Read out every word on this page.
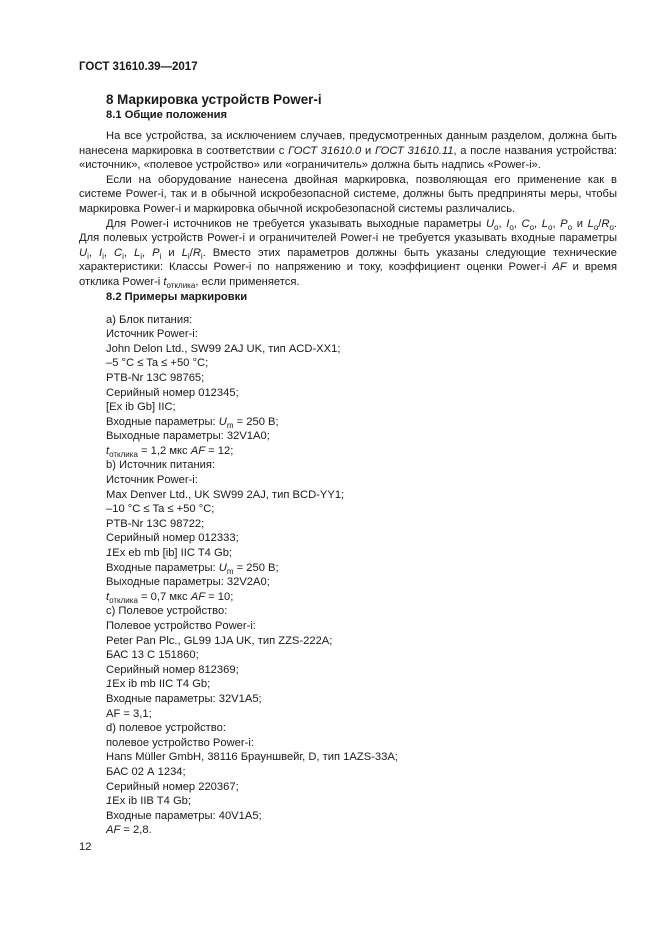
ГОСТ 31610.39—2017
8 Маркировка устройств Power-i
8.1 Общие положения

На все устройства, за исключением случаев, предусмотренных данным разделом, должна быть нанесена маркировка в соответствии с ГОСТ 31610.0 и ГОСТ 31610.11, а после названия устройства: «источник», «полевое устройство» или «ограничитель» должна быть надпись «Power-i».

Если на оборудование нанесена двойная маркировка, позволяющая его применение как в системе Power-i, так и в обычной искробезопасной системе, должны быть предприняты меры, чтобы маркировка Power-i и маркировка обычной искробезопасной системы различались.

Для Power-i источников не требуется указывать выходные параметры $U_o$, $I_o$, $C_o$, $L_o$, $P_o$ и $L_o/R_o$. Для полевых устройств Power-i и ограничителей Power-i не требуется указывать входные параметры $U_i$, $I_i$, $C_i$, $L_i$, $P_i$ и $L_i/R_i$. Вместо этих параметров должны быть указаны следующие технические характеристики: Классы Power-i по напряжению и току, коэффициент оценки Power-i AF и время отклика Power-i $t_{отклика}$, если применяется.

8.2 Примеры маркировки
а) Блок питания:
Источник Power-i:
John Delon Ltd., SW99 2AJ UK, тип ACD-XX1;
–5 °C ≤ Ta ≤ +50 °C;
PTB-Nr 13C 98765;
Серийный номер 012345;
[Ex ib Gb] IIC;
Входные параметры: $U_m = 250$ В;
Выходные параметры: 32V1A0;
$t_{отклика} = 1,2$ мкс AF = 12;
b) Источник питания:
Источник Power-i:
Max Denver Ltd., UK SW99 2AJ, тип BCD-YY1;
–10 °C ≤ Ta ≤ +50 °C;
PTB-Nr 13C 98722;
Серийный номер 012333;
1Ex eb mb [ib] IIC T4 Gb;
Входные параметры: $U_m = 250$ В;
Выходные параметры: 32V2A0;
$t_{отклика} = 0,7$ мкс AF = 10;
с) Полевое устройство:
Полевое устройство Power-i:
Peter Pan Plc., GL99 1JA UK, тип ZZS-222A;
БАС 13 С 151860;
Серийный номер 812369;
1Ex ib mb IIC T4 Gb;
Входные параметры: 32V1A5;
AF = 3,1;
d) полевое устройство:
полевое устройство Power-i:
Hans Müller GmbH, 38116 Брауншвейг, D, тип 1AZS-33A;
БАС 02 А 1234;
Серийный номер 220367;
1Ex ib IIB T4 Gb;
Входные параметры: 40V1A5;
AF = 2,8.
12
